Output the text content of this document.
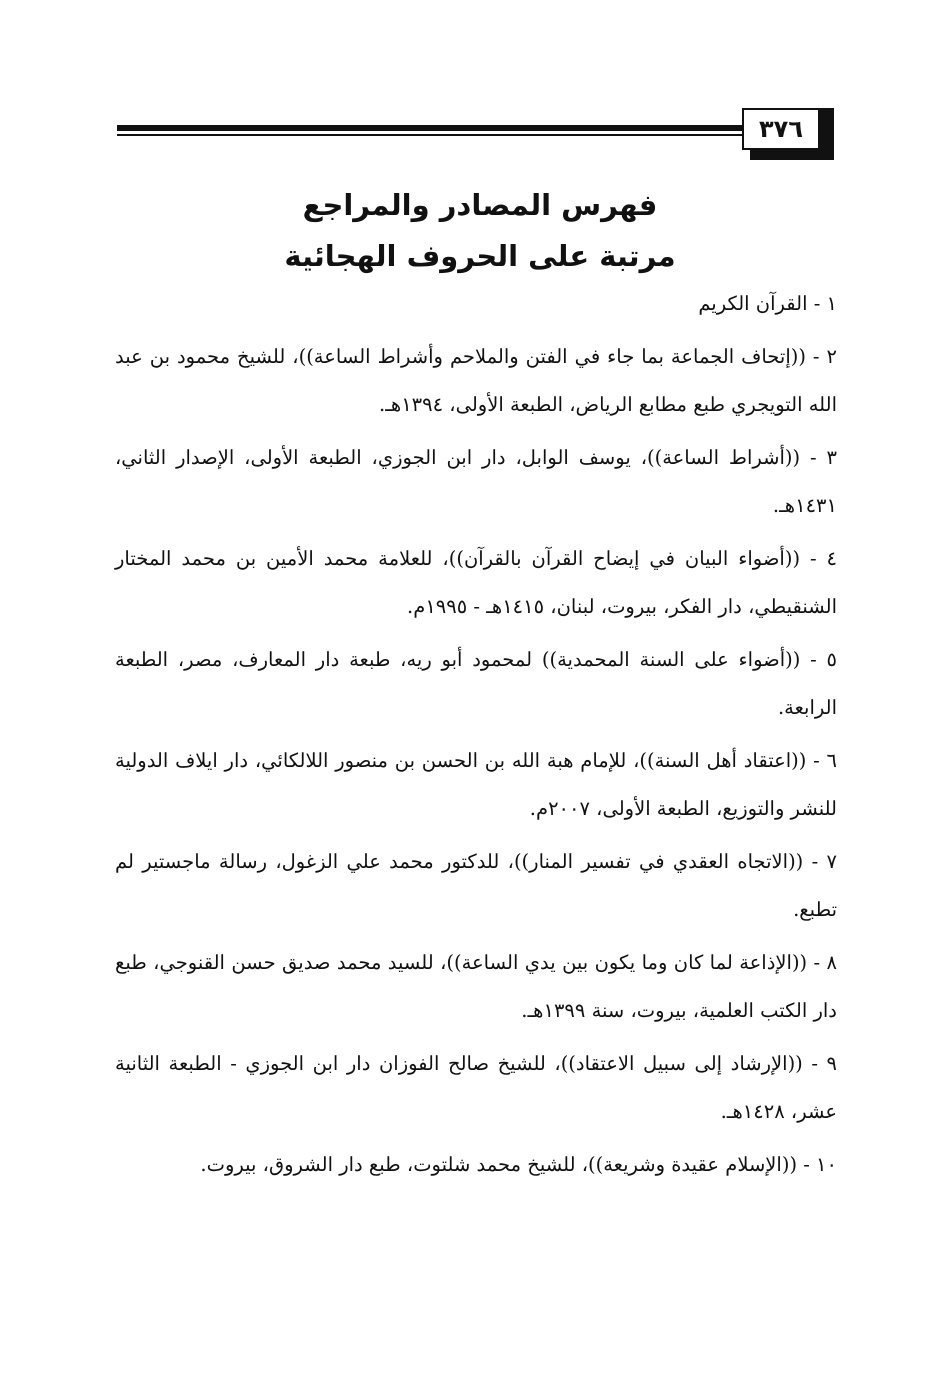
٣٧٦
فهرس المصادر والمراجع
مرتبة على الحروف الهجائية

١ - القرآن الكريم

٢ - ((إتحاف الجماعة بما جاء في الفتن والملاحم وأشراط الساعة))، للشيخ محمود بن عبد الله التويجري طبع مطابع الرياض، الطبعة الأولى، ١٣٩٤هـ.

٣ - ((أشراط الساعة))، يوسف الوابل، دار ابن الجوزي، الطبعة الأولى، الإصدار الثاني، ١٤٣١هـ.

٤ - ((أضواء البيان في إيضاح القرآن بالقرآن))، للعلامة محمد الأمين بن محمد المختار الشنقيطي، دار الفكر، بيروت، لبنان، ١٤١٥هـ - ١٩٩٥م.

٥ - ((أضواء على السنة المحمدية)) لمحمود أبو ريه، طبعة دار المعارف، مصر، الطبعة الرابعة.

٦ - ((اعتقاد أهل السنة))، للإمام هبة الله بن الحسن بن منصور اللالكائي، دار ايلاف الدولية للنشر والتوزيع، الطبعة الأولى، ٢٠٠٧م.

٧ - ((الاتجاه العقدي في تفسير المنار))، للدكتور محمد علي الزغول، رسالة ماجستير لم تطبع.

٨ - ((الإذاعة لما كان وما يكون بين يدي الساعة))، للسيد محمد صديق حسن القنوجي، طبع دار الكتب العلمية، بيروت، سنة ١٣٩٩هـ.

٩ - ((الإرشاد إلى سبيل الاعتقاد))، للشيخ صالح الفوزان دار ابن الجوزي - الطبعة الثانية عشر، ١٤٢٨هـ.

١٠ - ((الإسلام عقيدة وشريعة))، للشيخ محمد شلتوت، طبع دار الشروق، بيروت.
